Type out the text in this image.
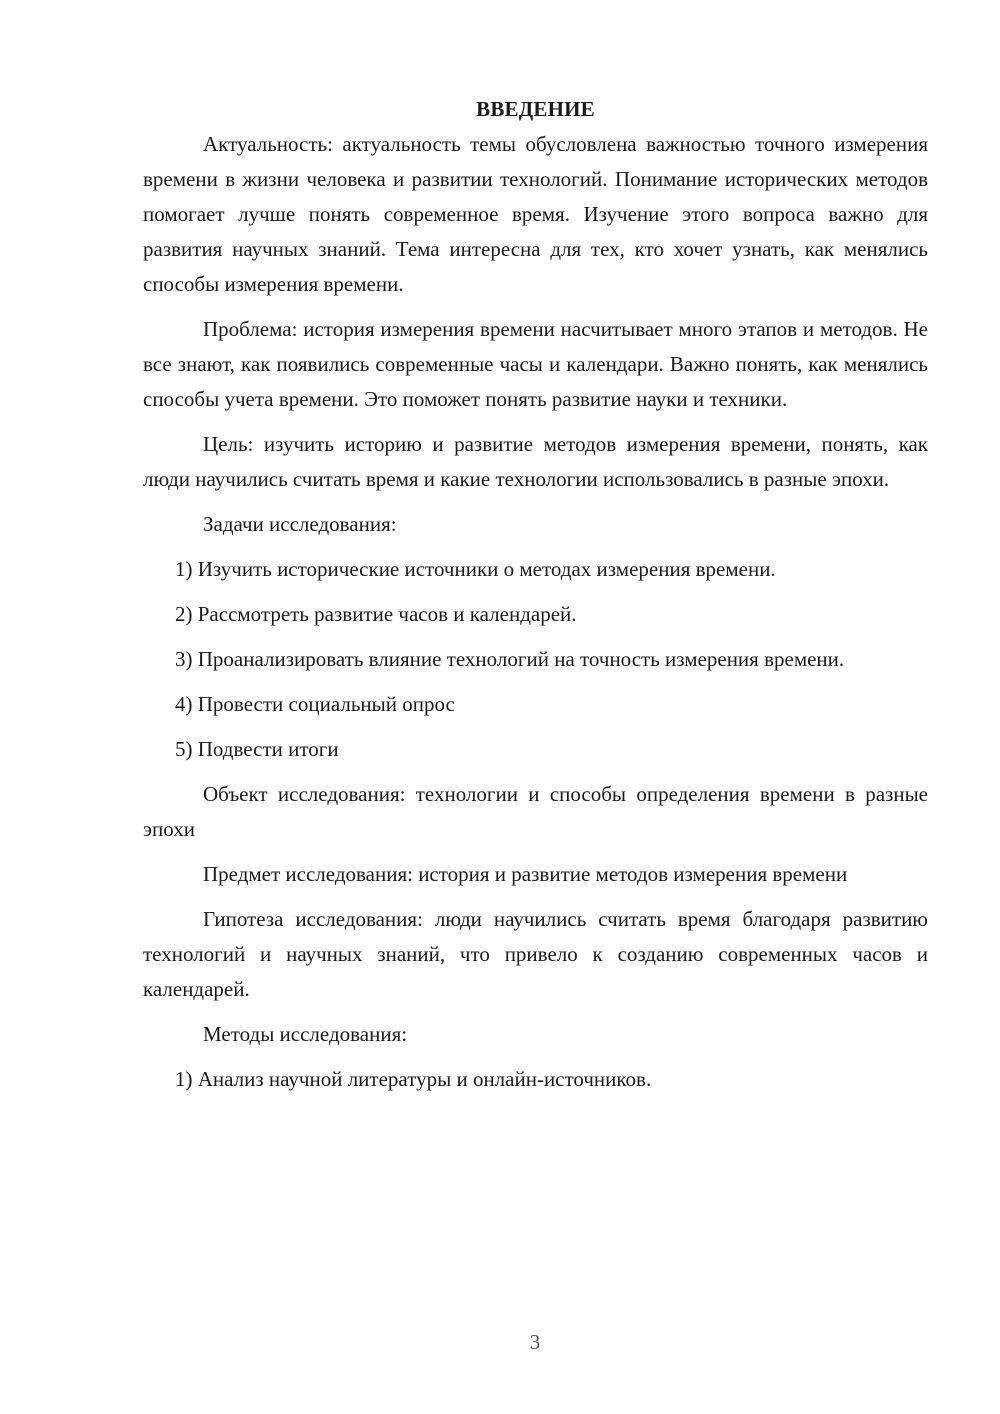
ВВЕДЕНИЕ

Актуальность: актуальность темы обусловлена важностью точного измерения времени в жизни человека и развитии технологий. Понимание исторических методов помогает лучше понять современное время. Изучение этого вопроса важно для развития научных знаний. Тема интересна для тех, кто хочет узнать, как менялись способы измерения времени.

Проблема: история измерения времени насчитывает много этапов и методов. Не все знают, как появились современные часы и календари. Важно понять, как менялись способы учета времени. Это поможет понять развитие науки и техники.

Цель: изучить историю и развитие методов измерения времени, понять, как люди научились считать время и какие технологии использовались в разные эпохи.

Задачи исследования:

1) Изучить исторические источники о методах измерения времени.

2) Рассмотреть развитие часов и календарей.

3) Проанализировать влияние технологий на точность измерения времени.

4) Провести социальный опрос

5) Подвести итоги

Объект исследования: технологии и способы определения времени в разные эпохи

Предмет исследования: история и развитие методов измерения времени

Гипотеза исследования: люди научились считать время благодаря развитию технологий и научных знаний, что привело к созданию современных часов и календарей.

Методы исследования:

1) Анализ научной литературы и онлайн-источников.

3
